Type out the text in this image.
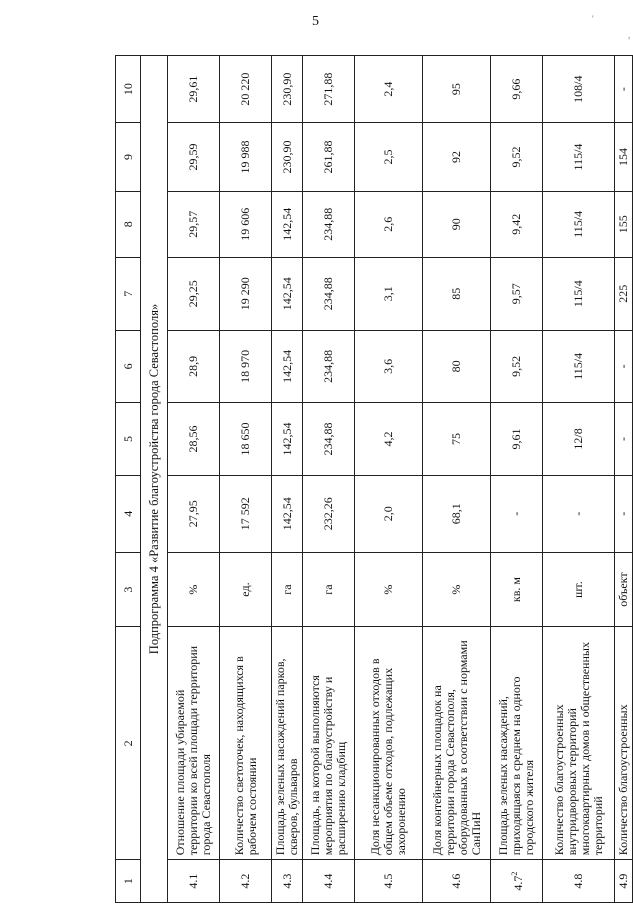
5	'
,
1	2	3	4	5	6	7	8	9	10
Подпрограмма 4 «Развитие благоустройства города Севастополя»									
4.1	Отношение площади убираемой территории ко всей площади территории города Севастополя	%	27,95	28,56	28,9	29,25	29,57	29,59	29,61
4.2	Количество светоточек, находящихся в рабочем состоянии	ед.	17 592	18 650	18 970	19 290	19 606	19 988	20 220
4.3	Площадь зеленых насаждений парков, скверов, бульваров	га	142,54	142,54	142,54	142,54	142,54	230,90	230,90
4.4	Площадь, на которой выполняются мероприятия по благоустройству и расширению кладбищ	га	232,26	234,88	234,88	234,88	234,88	261,88	271,88
4.5	Доля несанкционированных отходов в общем объеме отходов, подлежащих захоронению	%	2,0	4,2	3,6	3,1	2,6	2,5	2,4
4.6	Доля контейнерных площадок на территории города Севастополя, оборудованных в соответствии с нормами СанПиН	%	68,1	75	80	85	90	92	95
$4.7^2$	Площадь зеленых насаждений, приходящаяся в среднем на одного городского жителя	кв. м	-	9,61	9,52	9,57	9,42	9,52	9,66
4.8	Количество благоустроенных внутридворовых территорий многоквартирных домов и общественных территорий	шт.	-	12/8	115/4	115/4	115/4	115/4	108/4
4.9	Количество благоустроенных	объект	-	-	-	225	155	154	-
